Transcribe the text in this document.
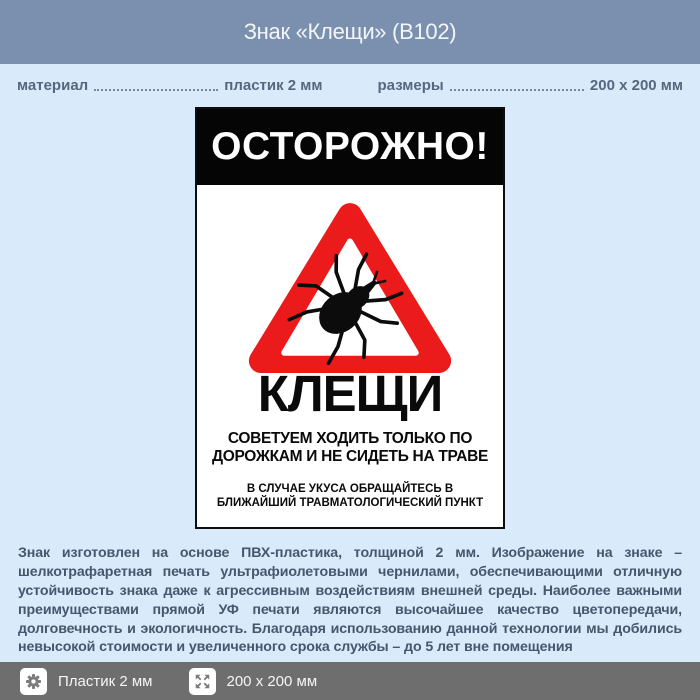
Знак «Клещи» (В102)
материал	пластик 2 мм	размеры	200 x 200 мм
ОСТОРОЖНО!
КЛЕЩИ
СОВЕТУЕМ ХОДИТЬ ТОЛЬКО ПО
ДОРОЖКАМ И НЕ СИДЕТЬ НА ТРАВЕ
В СЛУЧАЕ УКУСА ОБРАЩАЙТЕСЬ В
БЛИЖАЙШИЙ ТРАВМАТОЛОГИЧЕСКИЙ ПУНКТ

Знак изготовлен на основе ПВХ-пластика, толщиной 2 мм. Изображение на знаке – шелкотрафаретная печать ультрафиолетовыми чернилами, обеспечивающими отличную устойчивость знака даже к агрессивным воздействиям внешней среды. Наиболее важными преимуществами прямой УФ печати являются высочайшее качество цветопередачи, долговечность и экологичность. Благодаря использованию данной технологии мы добились невысокой стоимости и увеличенного срока службы – до 5 лет вне помещения

Пластик 2 мм	200 x 200 мм
